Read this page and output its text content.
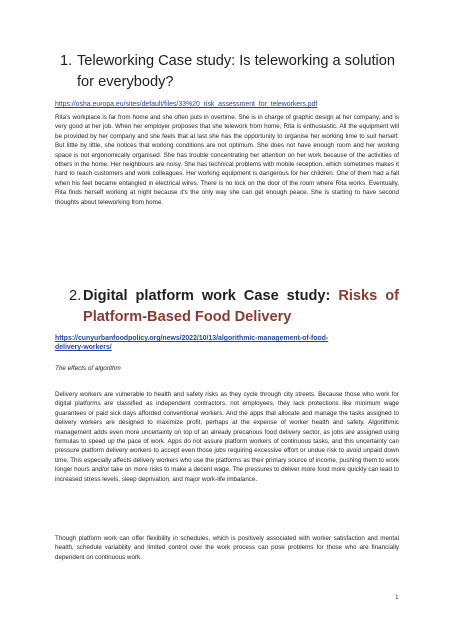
1. Teleworking Case study: Is teleworking a solution for everybody?
https://osha.europa.eu/sites/default/files/33%20_risk_assessment_for_teleworkers.pdf
Rita's workplace is far from home and she often puts in overtime. She is in charge of graphic design at her company, and is very good at her job. When her employer proposes that she telework from home, Rita is enthusiastic. All the equipment will be provided by her company and she feels that at last she has the opportunity to organise her working time to suit herself. But little by little, she notices that working conditions are not optimum. She does not have enough room and her working space is not ergonomically organised. She has trouble concentrating her attention on her work because of the activities of others in the home. Her neighbours are noisy. She has technical problems with mobile reception, which sometimes makes it hard to reach customers and work colleagues. Her working equipment is dangerous for her children. One of them had a fall when his feet became entangled in electrical wires. There is no lock on the door of the room where Rita works. Eventually, Rita finds herself working at night because it's the only way she can get enough peace. She is starting to have second thoughts about teleworking from home.
2. Digital platform work Case study: Risks of
Platform-Based Food Delivery
https://cunyurbanfoodpolicy.org/news/2022/10/13/algorithmic-management-of-food-
delivery-workers/
The effects of algorithm
Delivery workers are vulnerable to health and safety risks as they cycle through city streets. Because those who work for digital platforms are classified as independent contractors, not employees, they lack protections like minimum wage guarantees or paid sick days afforded conventional workers. And the apps that allocate and manage the tasks assigned to delivery workers are designed to maximize profit, perhaps at the expense of worker health and safety. Algorithmic management adds even more uncertainty on top of an already precarious food delivery sector, as jobs are assigned using formulas to speed up the pace of work. Apps do not assure platform workers of continuous tasks, and this uncertainty can pressure platform delivery workers to accept even those jobs requiring excessive effort or undue risk to avoid unpaid down time. This especially affects delivery workers who use the platforms as their primary source of income, pushing them to work longer hours and/or take on more risks to make a decent wage. The pressures to deliver more food more quickly can lead to increased stress levels, sleep deprivation, and major work-life imbalance.
Though platform work can offer flexibility in schedules, which is positively associated with worker satisfaction and mental health, schedule variability and limited control over the work process can pose problems for those who are financially dependent on continuous work.
1
